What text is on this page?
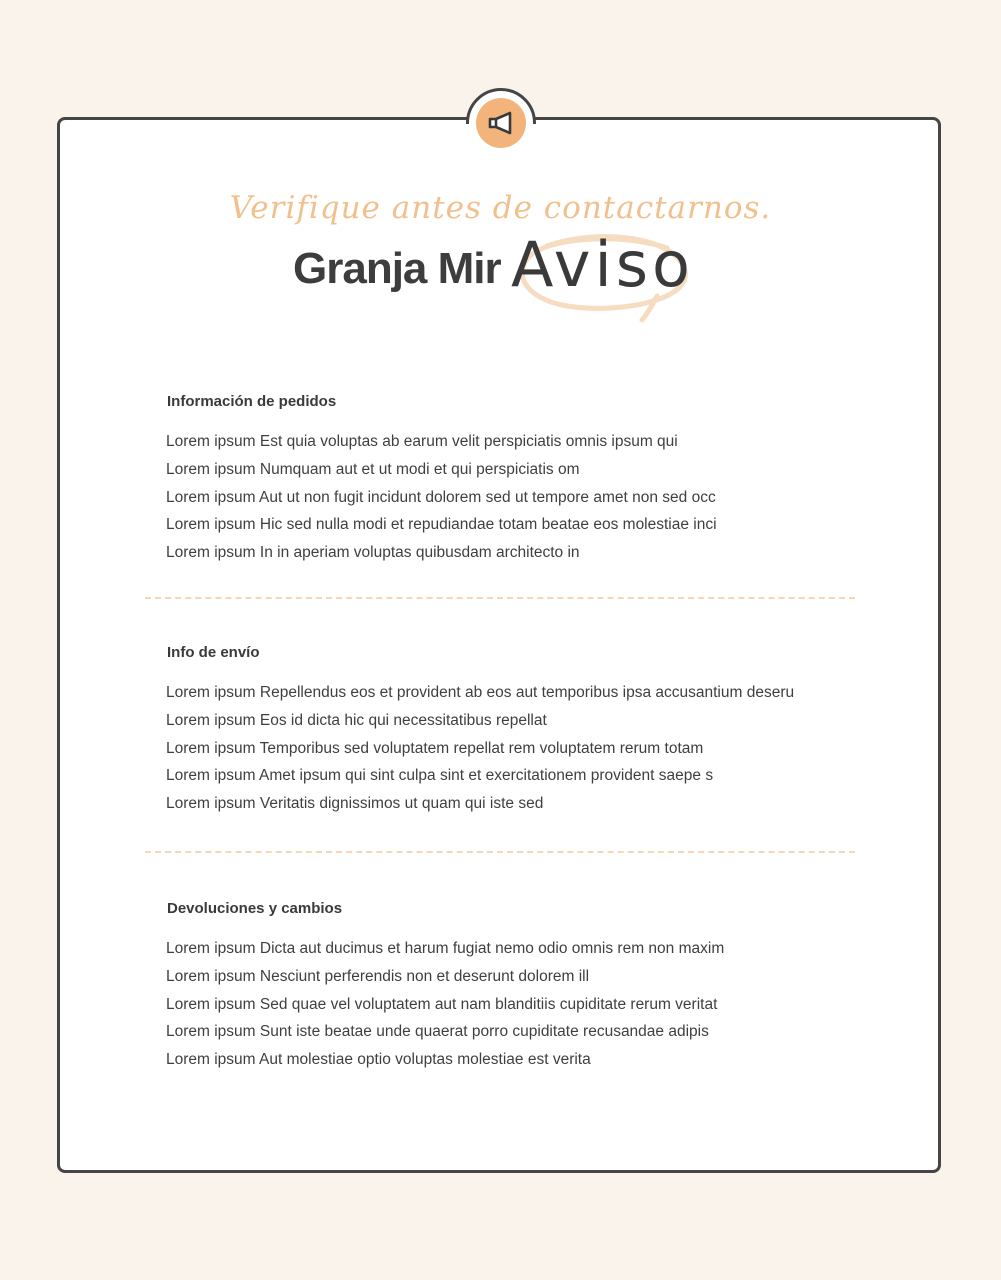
Verifique antes de contactarnos.
Granja Mir Aviso
Información de pedidos
Lorem ipsum Est quia voluptas ab earum velit perspiciatis omnis ipsum qui
Lorem ipsum Numquam aut et ut modi et qui perspiciatis om
Lorem ipsum Aut ut non fugit incidunt dolorem sed ut tempore amet non sed occ
Lorem ipsum Hic sed nulla modi et repudiandae totam beatae eos molestiae inci
Lorem ipsum In in aperiam voluptas quibusdam architecto in
Info de envío
Lorem ipsum Repellendus eos et provident ab eos aut temporibus ipsa accusantium deseru
Lorem ipsum Eos id dicta hic qui necessitatibus repellat
Lorem ipsum Temporibus sed voluptatem repellat rem voluptatem rerum totam
Lorem ipsum Amet ipsum qui sint culpa sint et exercitationem provident saepe s
Lorem ipsum Veritatis dignissimos ut quam qui iste sed
Devoluciones y cambios
Lorem ipsum Dicta aut ducimus et harum fugiat nemo odio omnis rem non maxim
Lorem ipsum Nesciunt perferendis non et deserunt dolorem ill
Lorem ipsum Sed quae vel voluptatem aut nam blanditiis cupiditate rerum veritat
Lorem ipsum Sunt iste beatae unde quaerat porro cupiditate recusandae adipis
Lorem ipsum Aut molestiae optio voluptas molestiae est verita
